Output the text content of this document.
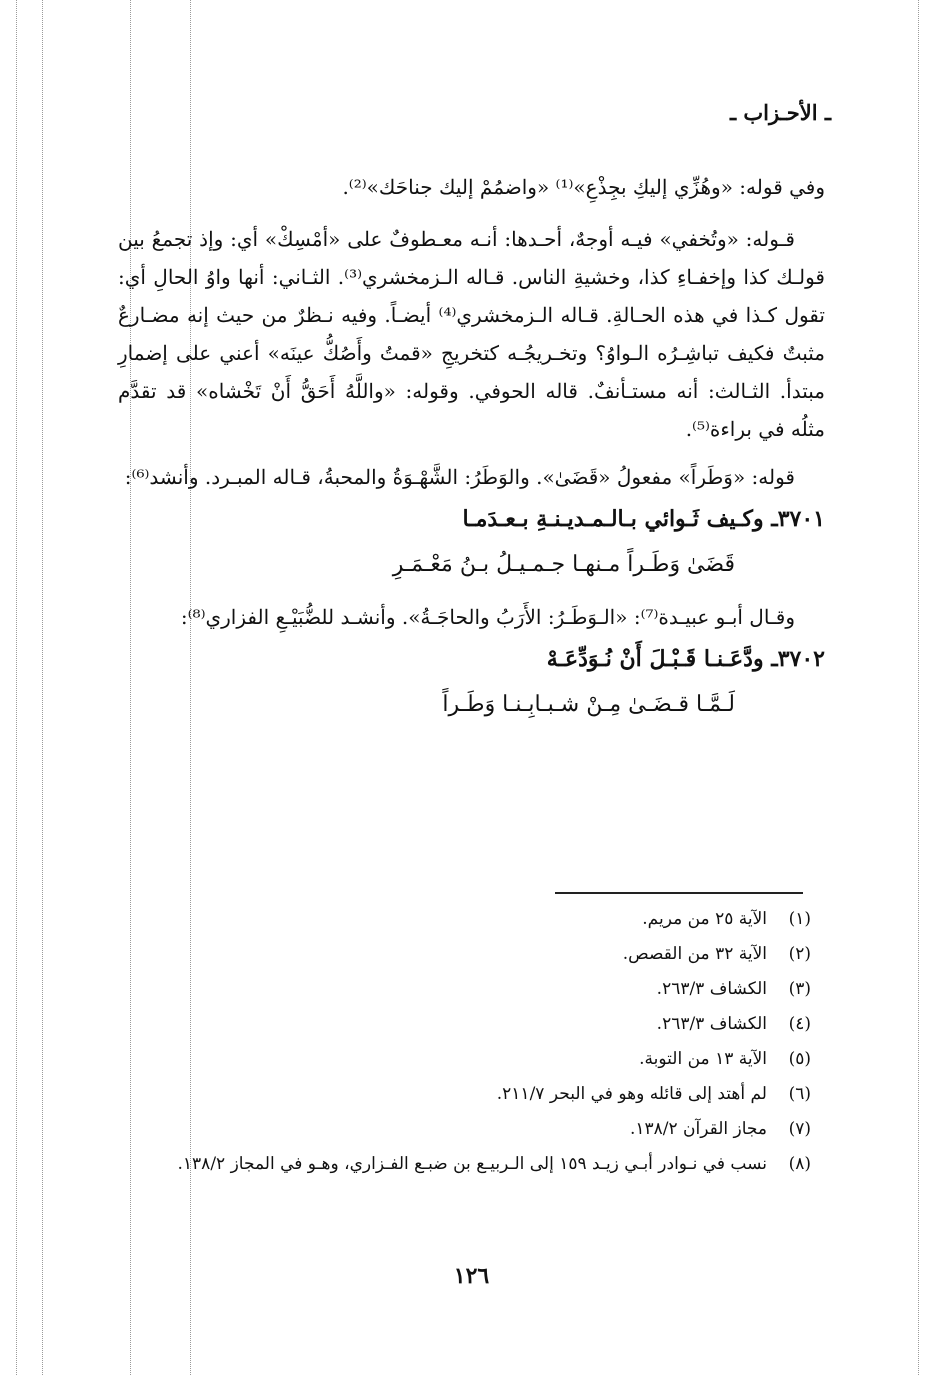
ـ الأحـزاب ـ

وفي قوله: «وهُزِّي إليكِ بجِذْعِ»⁽¹⁾ «واضمُمْ إليك جناحَك»⁽²⁾.

قـوله: «وتُخفي» فيـه أوجهٌ، أحـدها: أنـه معـطوفٌ على «أمْسِكْ» أي: وإذ تجمعُ بين قولـك كذا وإخفـاءِ كذا، وخشيةِ الناس. قـاله الـزمخشري⁽³⁾. الثـاني: أنها واوُ الحالِ أي: تقول كـذا في هذه الحـالةِ. قـاله الـزمخشري⁽⁴⁾ أيضـاً. وفيه نـظرٌ من حيث إنه مضـارعٌ مثبتٌ فكيف تباشِـرُه الـواوُ؟ وتخـريجُـه كتخريجِ «قمتُ وأَصُكُّ عينَه» أعني على إضمارِ مبتدأ. الثـالث: أنه مستـأنفٌ. قاله الحوفي. وقوله: «واللَّهُ أَحَقُّ أَنْ تَخْشاه» قد تقدَّم مثلُه في براءة⁽⁵⁾.

قوله: «وَطَراً» مفعولُ «قَضَىٰ». والوَطَرُ: الشَّهْـوَةُ والمحبةُ، قـاله المبـرد. وأنشد⁽⁶⁾:

٣٧٠١ـ وكـيف ثَـوائي بـالـمـديـنـةِ بـعـدَمـا
قَضَىٰ وَطَـراً مـنهـا جـمـيـلُ بـنُ مَعْـمَـرِ

وقـال أبـو عبيـدة⁽⁷⁾: «الـوَطَـرُ: الأَرَبُ والحاجَـةُ». وأنشـد للضُّبَيْـعِ الفزاري⁽⁸⁾:

٣٧٠٢ـ ودَّعَـنـا قَـبْـلَ أَنْ نُـوَدِّعَـهْ
لَـمَّـا قـضَـىٰ مِـنْ شـبـابِـنـا وَطَـراً
(١)
الآية ٢٥ من مريم.
(٢)
الآية ٣٢ من القصص.
(٣)
الكشاف ٢٦٣/٣.
(٤)
الكشاف ٢٦٣/٣.
(٥)
الآية ١٣ من التوبة.
(٦)
لم أهتد إلى قائله وهو في البحر ٢١١/٧.
(٧)
مجاز القرآن ١٣٨/٢.
(٨)
نسب في نـوادر أبـي زيـد ١٥٩ إلى الـربيـع بن ضبـع الفـزاري، وهـو في المجاز ١٣٨/٢.
١٢٦
